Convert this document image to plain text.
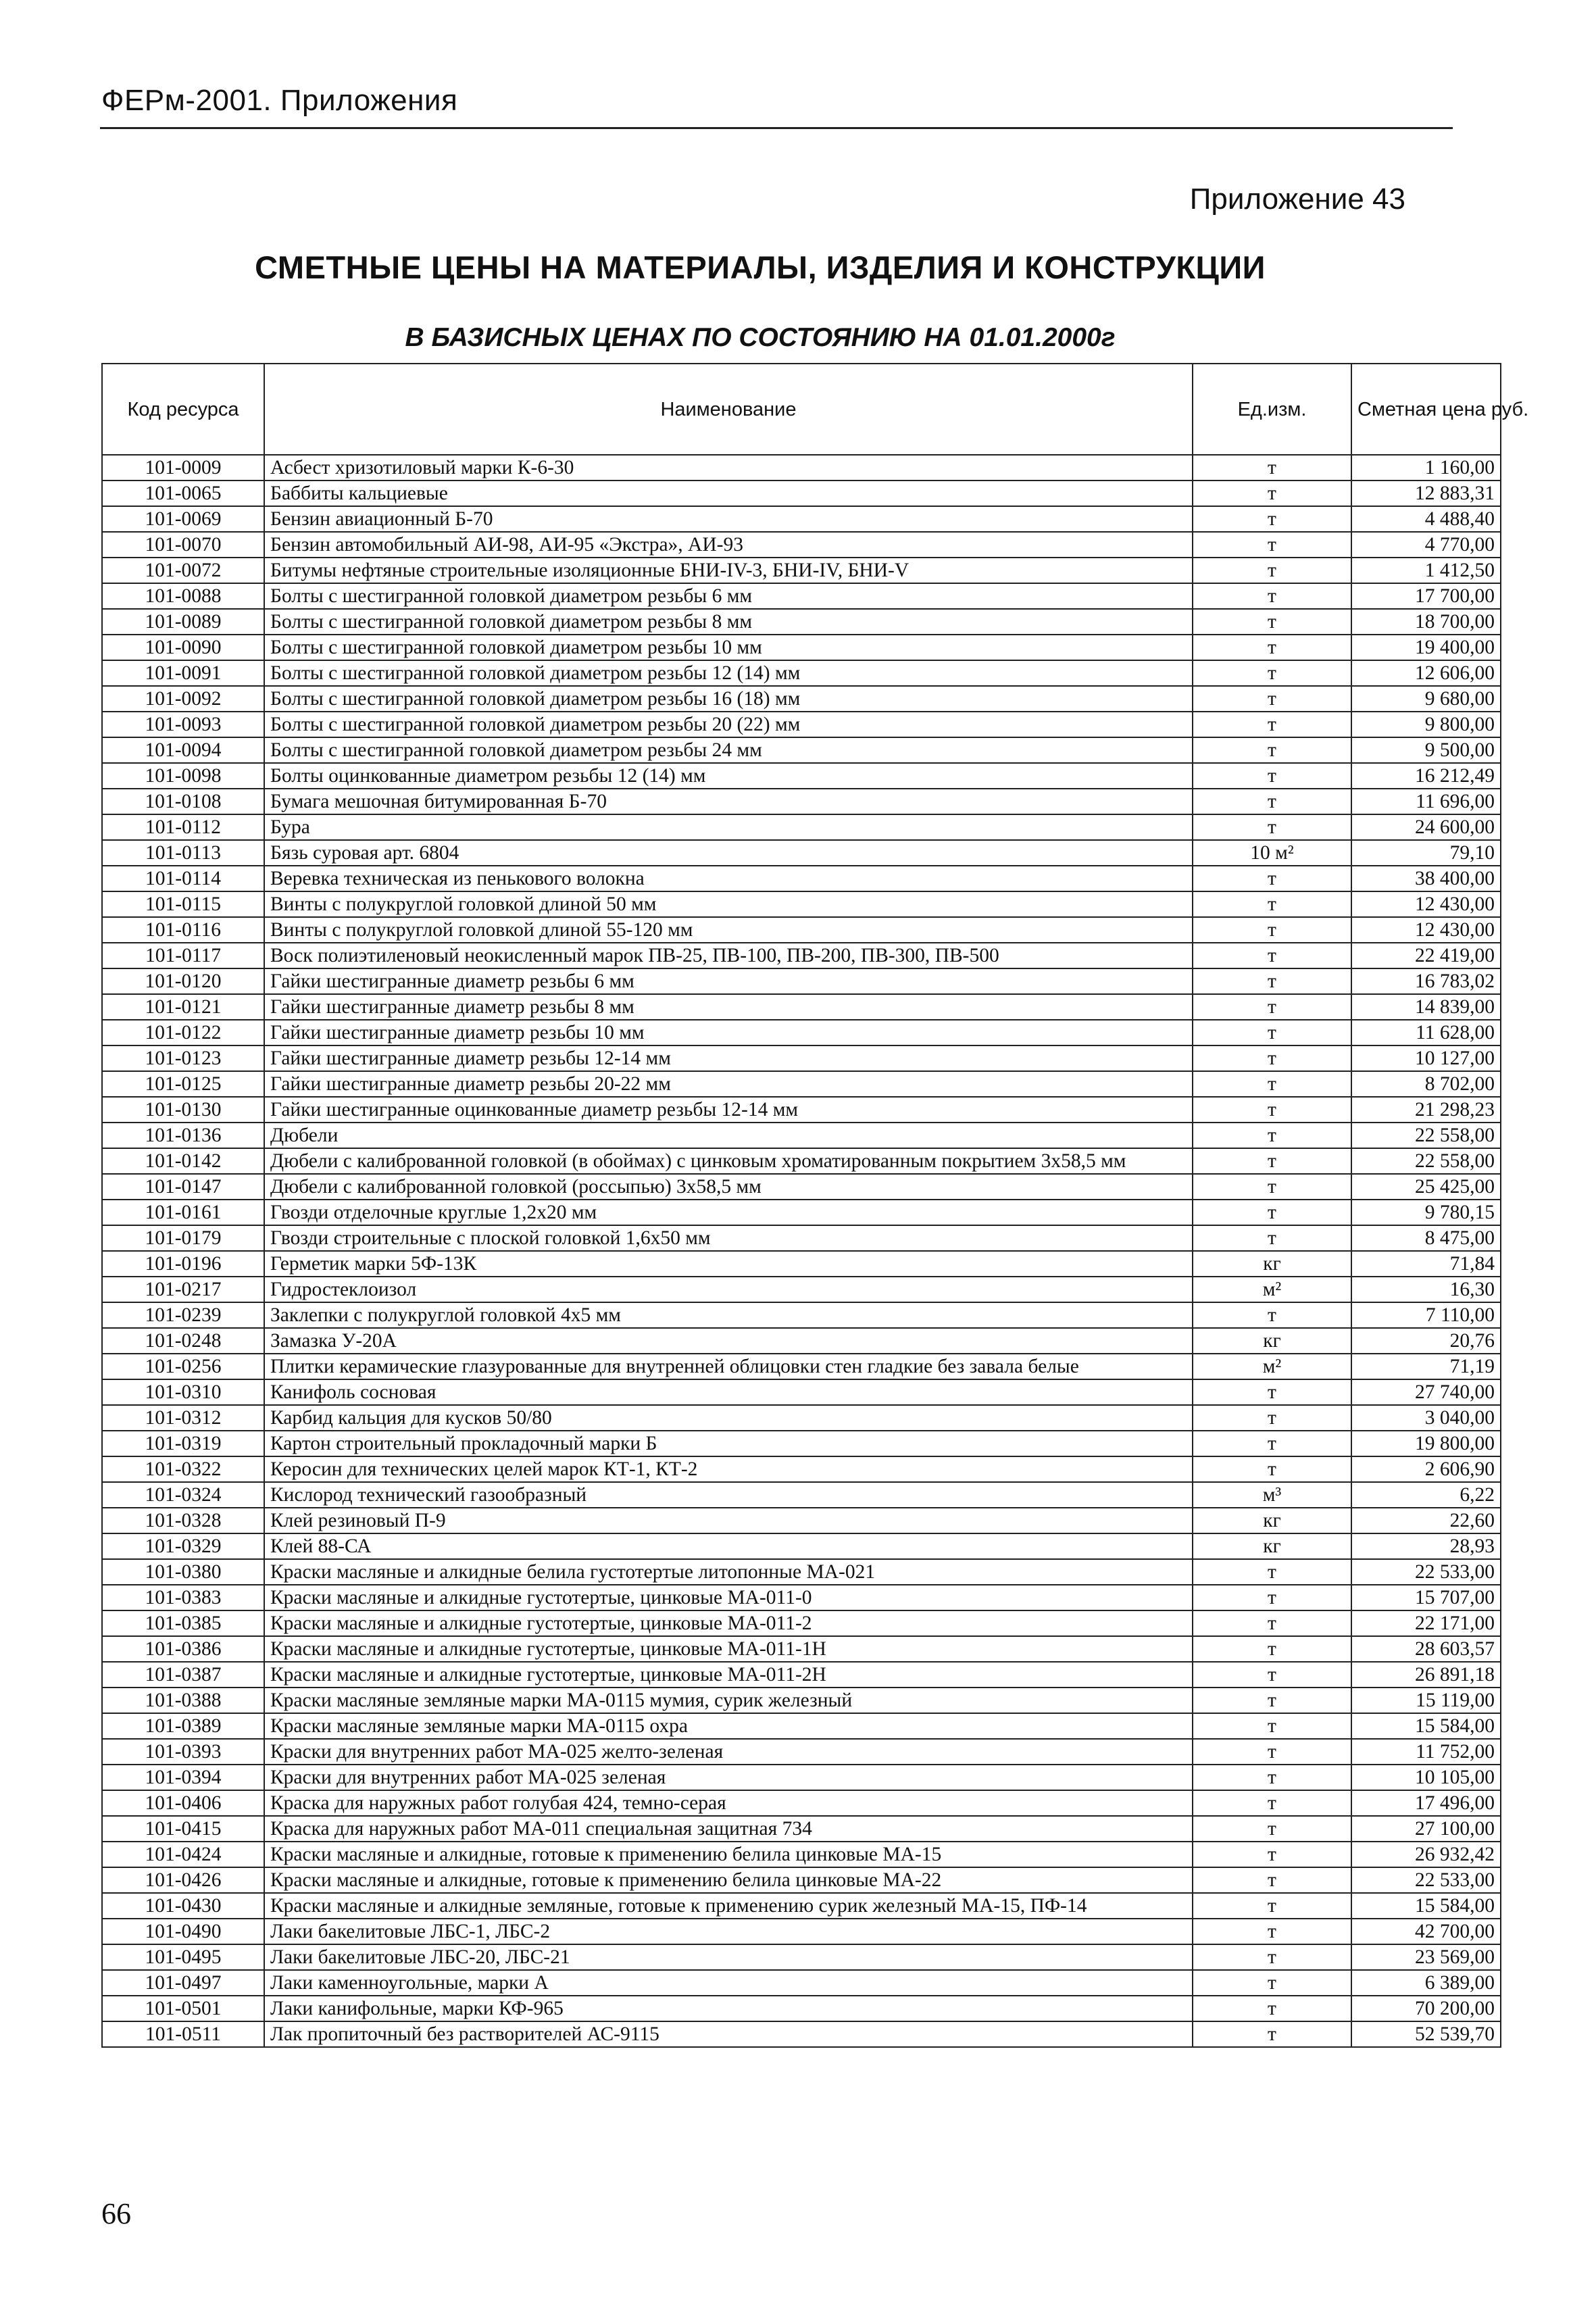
ФЕРм-2001. Приложения
Приложение 43
СМЕТНЫЕ ЦЕНЫ НА МАТЕРИАЛЫ, ИЗДЕЛИЯ И КОНСТРУКЦИИ
В БАЗИСНЫХ ЦЕНАХ ПО СОСТОЯНИЮ НА 01.01.2000г
Код ресурса	Наименование	Ед.изм.	Сметная цена руб.
101-0009	Асбест хризотиловый марки К-6-30	т	1 160,00
101-0065	Баббиты кальциевые	т	12 883,31
101-0069	Бензин авиационный Б-70	т	4 488,40
101-0070	Бензин автомобильный АИ-98, АИ-95 «Экстра», АИ-93	т	4 770,00
101-0072	Битумы нефтяные строительные изоляционные БНИ-IV-3, БНИ-IV, БНИ-V	т	1 412,50
101-0088	Болты с шестигранной головкой диаметром резьбы 6 мм	т	17 700,00
101-0089	Болты с шестигранной головкой диаметром резьбы 8 мм	т	18 700,00
101-0090	Болты с шестигранной головкой диаметром резьбы 10 мм	т	19 400,00
101-0091	Болты с шестигранной головкой диаметром резьбы 12 (14) мм	т	12 606,00
101-0092	Болты с шестигранной головкой диаметром резьбы 16 (18) мм	т	9 680,00
101-0093	Болты с шестигранной головкой диаметром резьбы 20 (22) мм	т	9 800,00
101-0094	Болты с шестигранной головкой диаметром резьбы 24 мм	т	9 500,00
101-0098	Болты оцинкованные диаметром резьбы 12 (14) мм	т	16 212,49
101-0108	Бумага мешочная битумированная Б-70	т	11 696,00
101-0112	Бура	т	24 600,00
101-0113	Бязь суровая арт. 6804	10 м²	79,10
101-0114	Веревка техническая из пенькового волокна	т	38 400,00
101-0115	Винты с полукруглой головкой длиной 50 мм	т	12 430,00
101-0116	Винты с полукруглой головкой длиной 55-120 мм	т	12 430,00
101-0117	Воск полиэтиленовый неокисленный марок ПВ-25, ПВ-100, ПВ-200, ПВ-300, ПВ-500	т	22 419,00
101-0120	Гайки шестигранные диаметр резьбы 6 мм	т	16 783,02
101-0121	Гайки шестигранные диаметр резьбы 8 мм	т	14 839,00
101-0122	Гайки шестигранные диаметр резьбы 10 мм	т	11 628,00
101-0123	Гайки шестигранные диаметр резьбы 12-14 мм	т	10 127,00
101-0125	Гайки шестигранные диаметр резьбы 20-22 мм	т	8 702,00
101-0130	Гайки шестигранные оцинкованные диаметр резьбы 12-14 мм	т	21 298,23
101-0136	Дюбели	т	22 558,00
101-0142	Дюбели с калиброванной головкой (в обоймах) с цинковым хроматированным покрытием 3х58,5 мм	т	22 558,00
101-0147	Дюбели с калиброванной головкой (россыпью) 3х58,5 мм	т	25 425,00
101-0161	Гвозди отделочные круглые 1,2х20 мм	т	9 780,15
101-0179	Гвозди строительные с плоской головкой 1,6х50 мм	т	8 475,00
101-0196	Герметик марки 5Ф-13К	кг	71,84
101-0217	Гидростеклоизол	м²	16,30
101-0239	Заклепки с полукруглой головкой 4х5 мм	т	7 110,00
101-0248	Замазка У-20А	кг	20,76
101-0256	Плитки керамические глазурованные для внутренней облицовки стен гладкие без завала белые	м²	71,19
101-0310	Канифоль сосновая	т	27 740,00
101-0312	Карбид кальция для кусков 50/80	т	3 040,00
101-0319	Картон строительный прокладочный марки Б	т	19 800,00
101-0322	Керосин для технических целей марок КТ-1, КТ-2	т	2 606,90
101-0324	Кислород технический газообразный	м³	6,22
101-0328	Клей резиновый П-9	кг	22,60
101-0329	Клей 88-СА	кг	28,93
101-0380	Краски масляные и алкидные белила густотертые литопонные МА-021	т	22 533,00
101-0383	Краски масляные и алкидные густотертые, цинковые МА-011-0	т	15 707,00
101-0385	Краски масляные и алкидные густотертые, цинковые МА-011-2	т	22 171,00
101-0386	Краски масляные и алкидные густотертые, цинковые МА-011-1Н	т	28 603,57
101-0387	Краски масляные и алкидные густотертые, цинковые МА-011-2Н	т	26 891,18
101-0388	Краски масляные земляные марки МА-0115 мумия, сурик железный	т	15 119,00
101-0389	Краски масляные земляные марки МА-0115 охра	т	15 584,00
101-0393	Краски для внутренних работ МА-025 желто-зеленая	т	11 752,00
101-0394	Краски для внутренних работ МА-025 зеленая	т	10 105,00
101-0406	Краска для наружных работ голубая 424, темно-серая	т	17 496,00
101-0415	Краска для наружных работ МА-011 специальная защитная 734	т	27 100,00
101-0424	Краски масляные и алкидные, готовые к применению белила цинковые МА-15	т	26 932,42
101-0426	Краски масляные и алкидные, готовые к применению белила цинковые МА-22	т	22 533,00
101-0430	Краски масляные и алкидные земляные, готовые к применению сурик железный МА-15, ПФ-14	т	15 584,00
101-0490	Лаки бакелитовые ЛБС-1, ЛБС-2	т	42 700,00
101-0495	Лаки бакелитовые ЛБС-20, ЛБС-21	т	23 569,00
101-0497	Лаки каменноугольные, марки А	т	6 389,00
101-0501	Лаки канифольные, марки КФ-965	т	70 200,00
101-0511	Лак пропиточный без растворителей АС-9115	т	52 539,70
66
